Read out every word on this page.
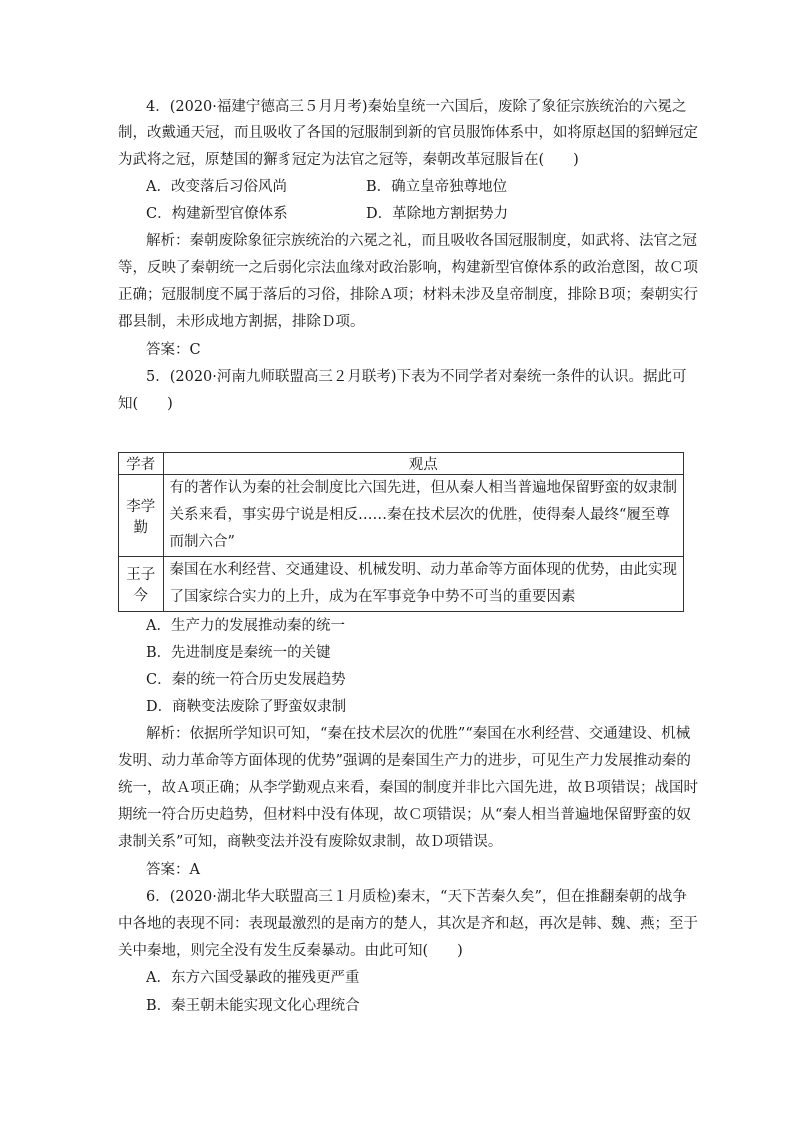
4．(2020·福建宁德高三５月月考)秦始皇统一六国后，废除了象征宗族统治的六冕之
制，改戴通天冠，而且吸收了各国的冠服制到新的官员服饰体系中，如将原赵国的貂蝉冠定
为武将之冠，原楚国的獬豸冠定为法官之冠等，秦朝改革冠服旨在(　　)
A．改变落后习俗风尚	B．确立皇帝独尊地位
C．构建新型官僚体系	D．革除地方割据势力
解析：秦朝废除象征宗族统治的六冕之礼，而且吸收各国冠服制度，如武将、法官之冠
等，反映了秦朝统一之后弱化宗法血缘对政治影响，构建新型官僚体系的政治意图，故Ｃ项
正确；冠服制度不属于落后的习俗，排除Ａ项；材料未涉及皇帝制度，排除Ｂ项；秦朝实行
郡县制，未形成地方割据，排除Ｄ项。
答案：C
5．(2020·河南九师联盟高三２月联考)下表为不同学者对秦统一条件的认识。据此可
知(　　)
学者	观点
李学勤	有的著作认为秦的社会制度比六国先进，但从秦人相当普遍地保留野蛮的奴隶制
关系来看，事实毋宁说是相反……秦在技术层次的优胜，使得秦人最终“履至尊
而制六合”

王子今	秦国在水利经营、交通建设、机械发明、动力革命等方面体现的优势，由此实现
了国家综合实力的上升，成为在军事竞争中势不可当的重要因素
A．生产力的发展推动秦的统一
B．先进制度是秦统一的关键
C．秦的统一符合历史发展趋势
D．商鞅变法废除了野蛮奴隶制
解析：依据所学知识可知，“秦在技术层次的优胜”“秦国在水利经营、交通建设、机械
发明、动力革命等方面体现的优势”强调的是秦国生产力的进步，可见生产力发展推动秦的
统一，故Ａ项正确；从李学勤观点来看，秦国的制度并非比六国先进，故Ｂ项错误；战国时
期统一符合历史趋势，但材料中没有体现，故Ｃ项错误；从“秦人相当普遍地保留野蛮的奴
隶制关系”可知，商鞅变法并没有废除奴隶制，故Ｄ项错误。
答案：A
6．(2020·湖北华大联盟高三１月质检)秦末，“天下苦秦久矣”，但在推翻秦朝的战争
中各地的表现不同：表现最激烈的是南方的楚人，其次是齐和赵，再次是韩、魏、燕；至于
关中秦地，则完全没有发生反秦暴动。由此可知(　　)
A．东方六国受暴政的摧残更严重
B．秦王朝未能实现文化心理统合
